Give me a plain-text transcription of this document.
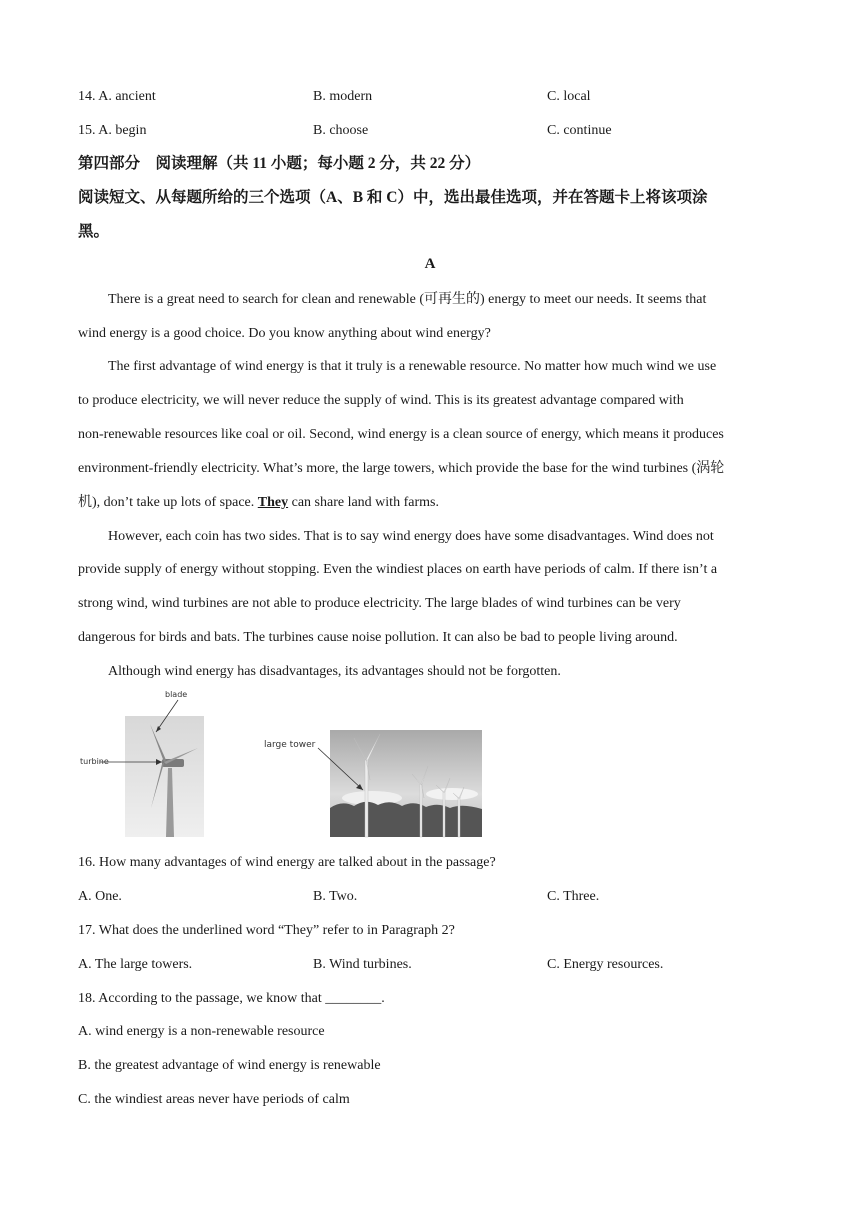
14. A. ancient	B. modern	C. local
15. A. begin	B. choose	C. continue
第四部分　阅读理解（共 11 小题；每小题 2 分，共 22 分）
阅读短文、从每题所给的三个选项（A、B 和 C）中，选出最佳选项，并在答题卡上将该项涂
黑。
A
There is a great need to search for clean and renewable (可再生的) energy to meet our needs. It seems that
wind energy is a good choice. Do you know anything about wind energy?
The first advantage of wind energy is that it truly is a renewable resource. No matter how much wind we use
to produce electricity, we will never reduce the supply of wind. This is its greatest advantage compared with
non-renewable resources like coal or oil. Second, wind energy is a clean source of energy, which means it produces
environment-friendly electricity. What’s more, the large towers, which provide the base for the wind turbines (涡轮
机), don’t take up lots of space. They can share land with farms.
However, each coin has two sides. That is to say wind energy does have some disadvantages. Wind does not
provide supply of energy without stopping. Even the windiest places on earth have periods of calm. If there isn’t a
strong wind, wind turbines are not able to produce electricity. The large blades of wind turbines can be very
dangerous for birds and bats. The turbines cause noise pollution. It can also be bad to people living around.
Although wind energy has disadvantages, its advantages should not be forgotten.
blade
turbine
large tower
16. How many advantages of wind energy are talked about in the passage?
A. One.	B. Two.	C. Three.
17. What does the underlined word “They” refer to in Paragraph 2?
A. The large towers.	B. Wind turbines.	C. Energy resources.
18. According to the passage, we know that ________.
A. wind energy is a non-renewable resource
B. the greatest advantage of wind energy is renewable
C. the windiest areas never have periods of calm
